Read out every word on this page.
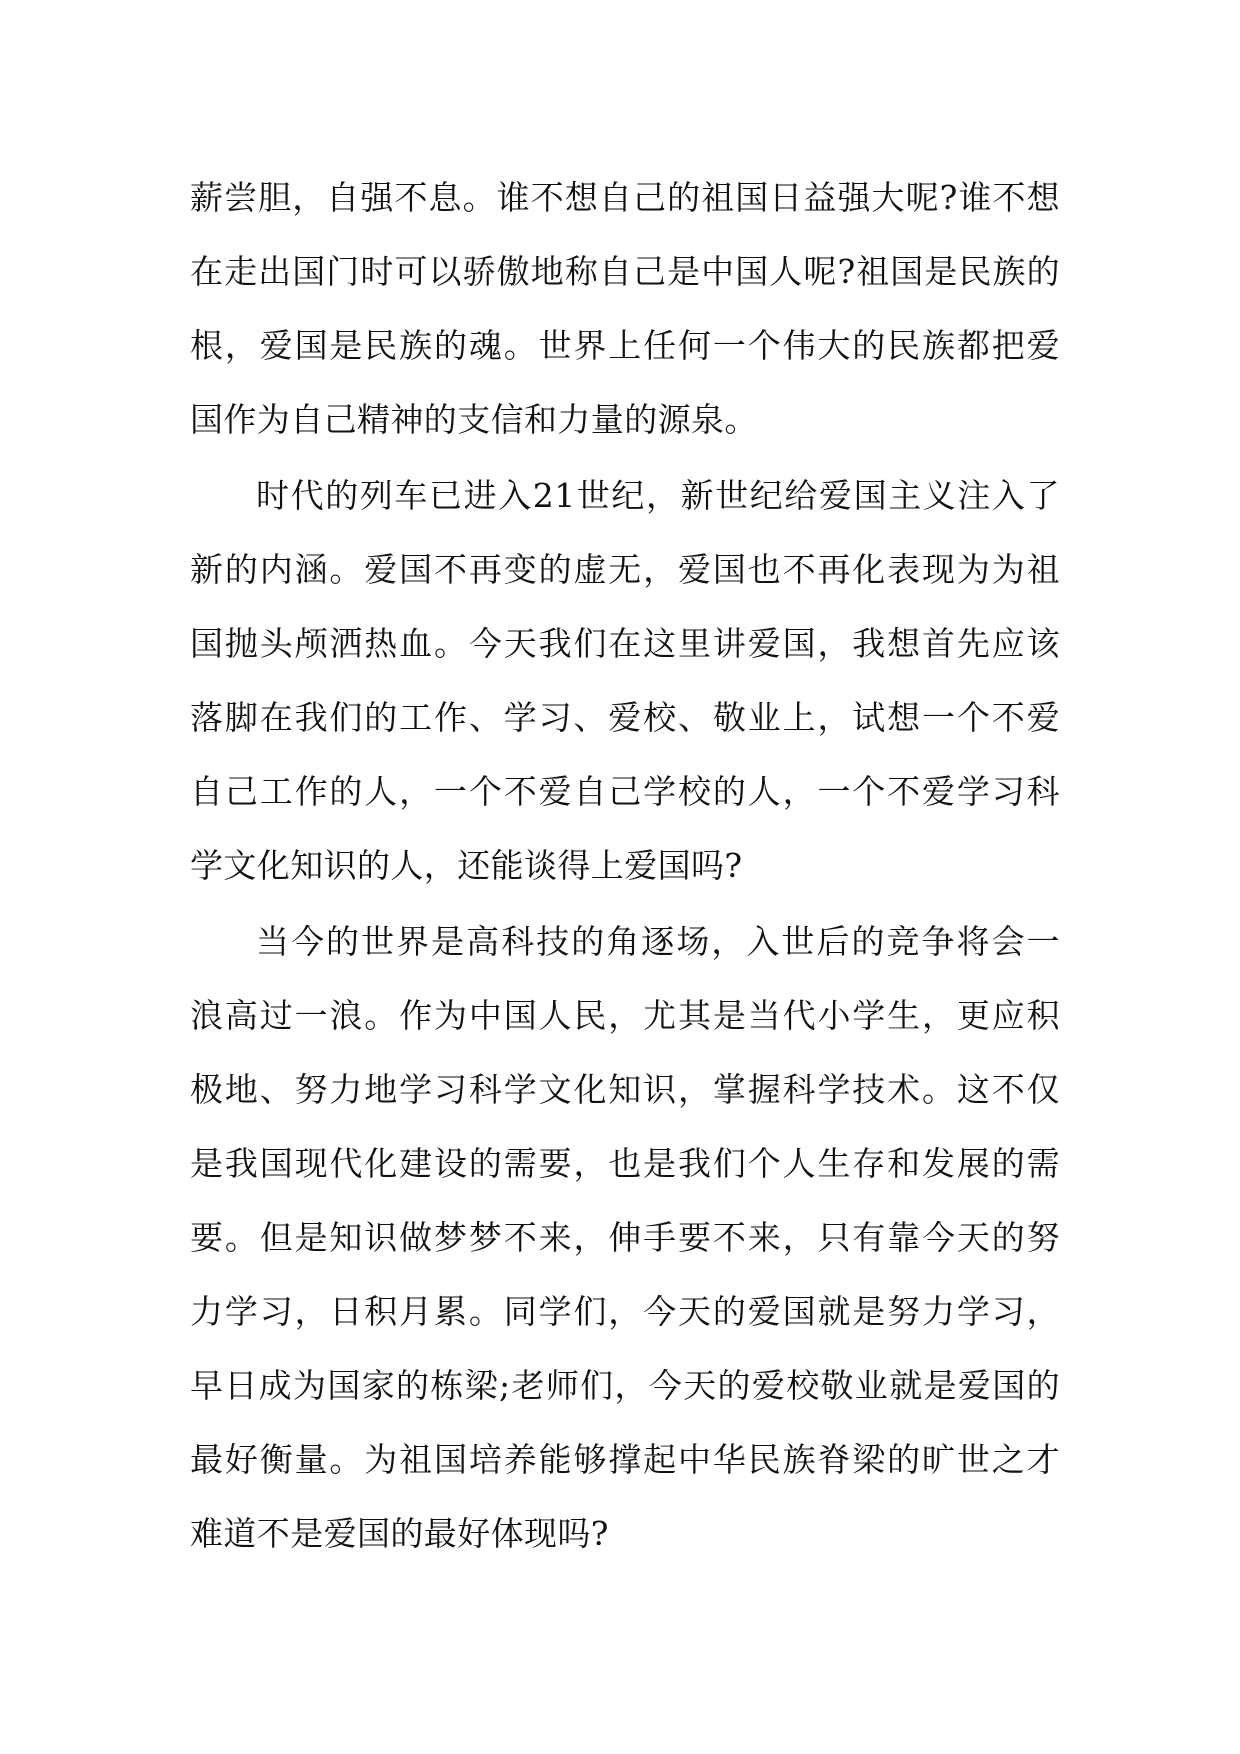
薪尝胆，自强不息。谁不想自己的祖国日益强大呢?谁不想
在走出国门时可以骄傲地称自己是中国人呢?祖国是民族的
根，爱国是民族的魂。世界上任何一个伟大的民族都把爱
国作为自己精神的支信和力量的源泉。
时代的列车已进入21世纪，新世纪给爱国主义注入了
新的内涵。爱国不再变的虚无，爱国也不再化表现为为祖
国抛头颅洒热血。今天我们在这里讲爱国，我想首先应该
落脚在我们的工作、学习、爱校、敬业上，试想一个不爱
自己工作的人，一个不爱自己学校的人，一个不爱学习科
学文化知识的人，还能谈得上爱国吗?
当今的世界是高科技的角逐场，入世后的竞争将会一
浪高过一浪。作为中国人民，尤其是当代小学生，更应积
极地、努力地学习科学文化知识，掌握科学技术。这不仅
是我国现代化建设的需要，也是我们个人生存和发展的需
要。但是知识做梦梦不来，伸手要不来，只有靠今天的努
力学习，日积月累。同学们，今天的爱国就是努力学习，
早日成为国家的栋梁;老师们，今天的爱校敬业就是爱国的
最好衡量。为祖国培养能够撑起中华民族脊梁的旷世之才
难道不是爱国的最好体现吗?
